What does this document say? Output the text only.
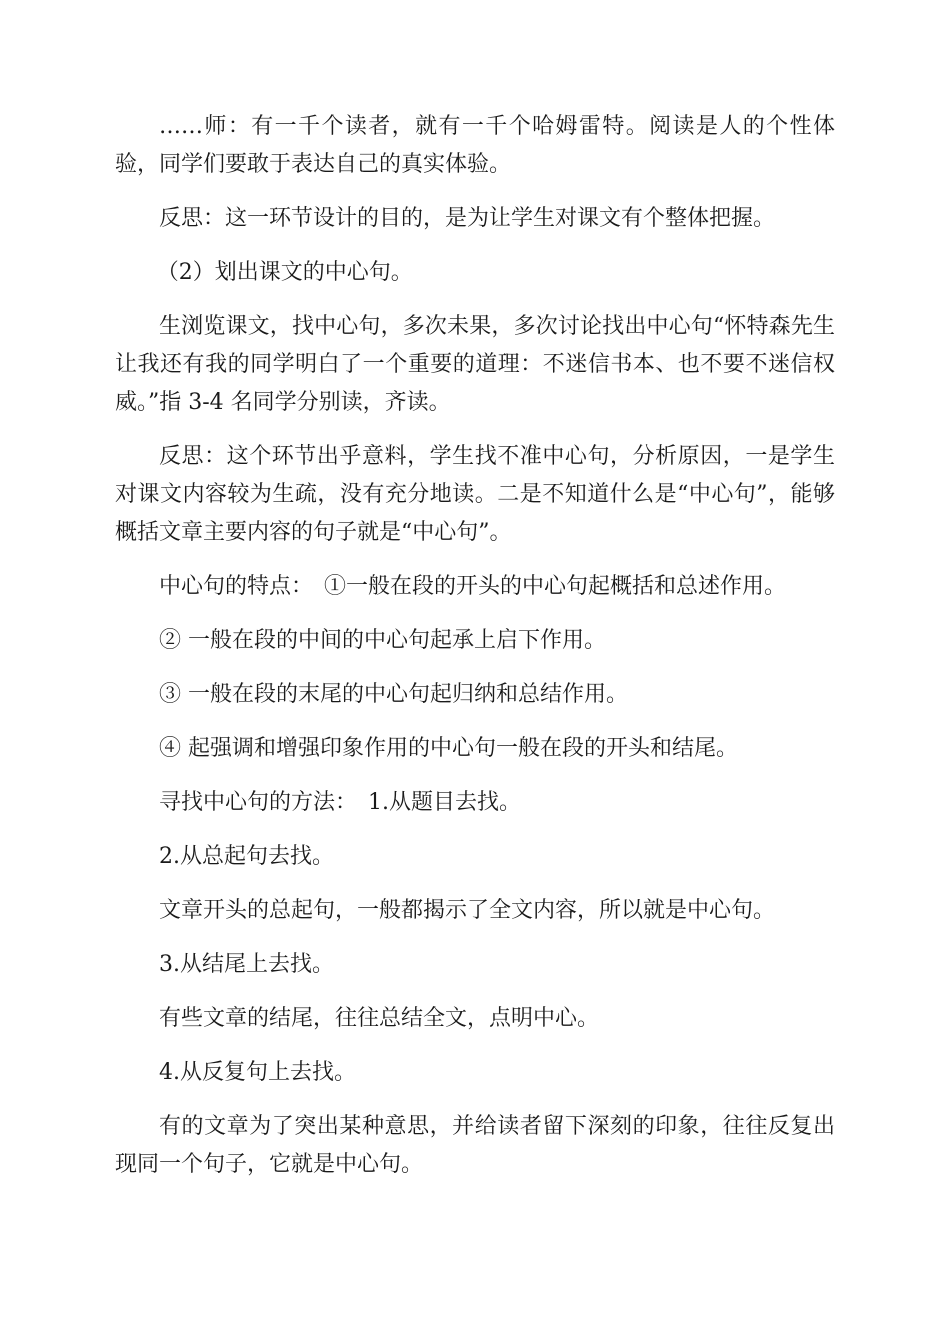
……师：有一千个读者，就有一千个哈姆雷特。阅读是人的个性体验，同学们要敢于表达自己的真实体验。

反思：这一环节设计的目的，是为让学生对课文有个整体把握。

（2）划出课文的中心句。

生浏览课文，找中心句，多次未果，多次讨论找出中心句“怀特森先生让我还有我的同学明白了一个重要的道理：不迷信书本、也不要不迷信权威。”指 3-4 名同学分别读，齐读。

反思：这个环节出乎意料，学生找不准中心句，分析原因，一是学生对课文内容较为生疏，没有充分地读。二是不知道什么是“中心句”，能够概括文章主要内容的句子就是“中心句”。

中心句的特点：　①一般在段的开头的中心句起概括和总述作用。

② 一般在段的中间的中心句起承上启下作用。

③ 一般在段的末尾的中心句起归纳和总结作用。

④ 起强调和增强印象作用的中心句一般在段的开头和结尾。

寻找中心句的方法：　1.从题目去找。

2.从总起句去找。

文章开头的总起句，一般都揭示了全文内容，所以就是中心句。

3.从结尾上去找。

有些文章的结尾，往往总结全文，点明中心。

4.从反复句上去找。

有的文章为了突出某种意思，并给读者留下深刻的印象，往往反复出现同一个句子，它就是中心句。
